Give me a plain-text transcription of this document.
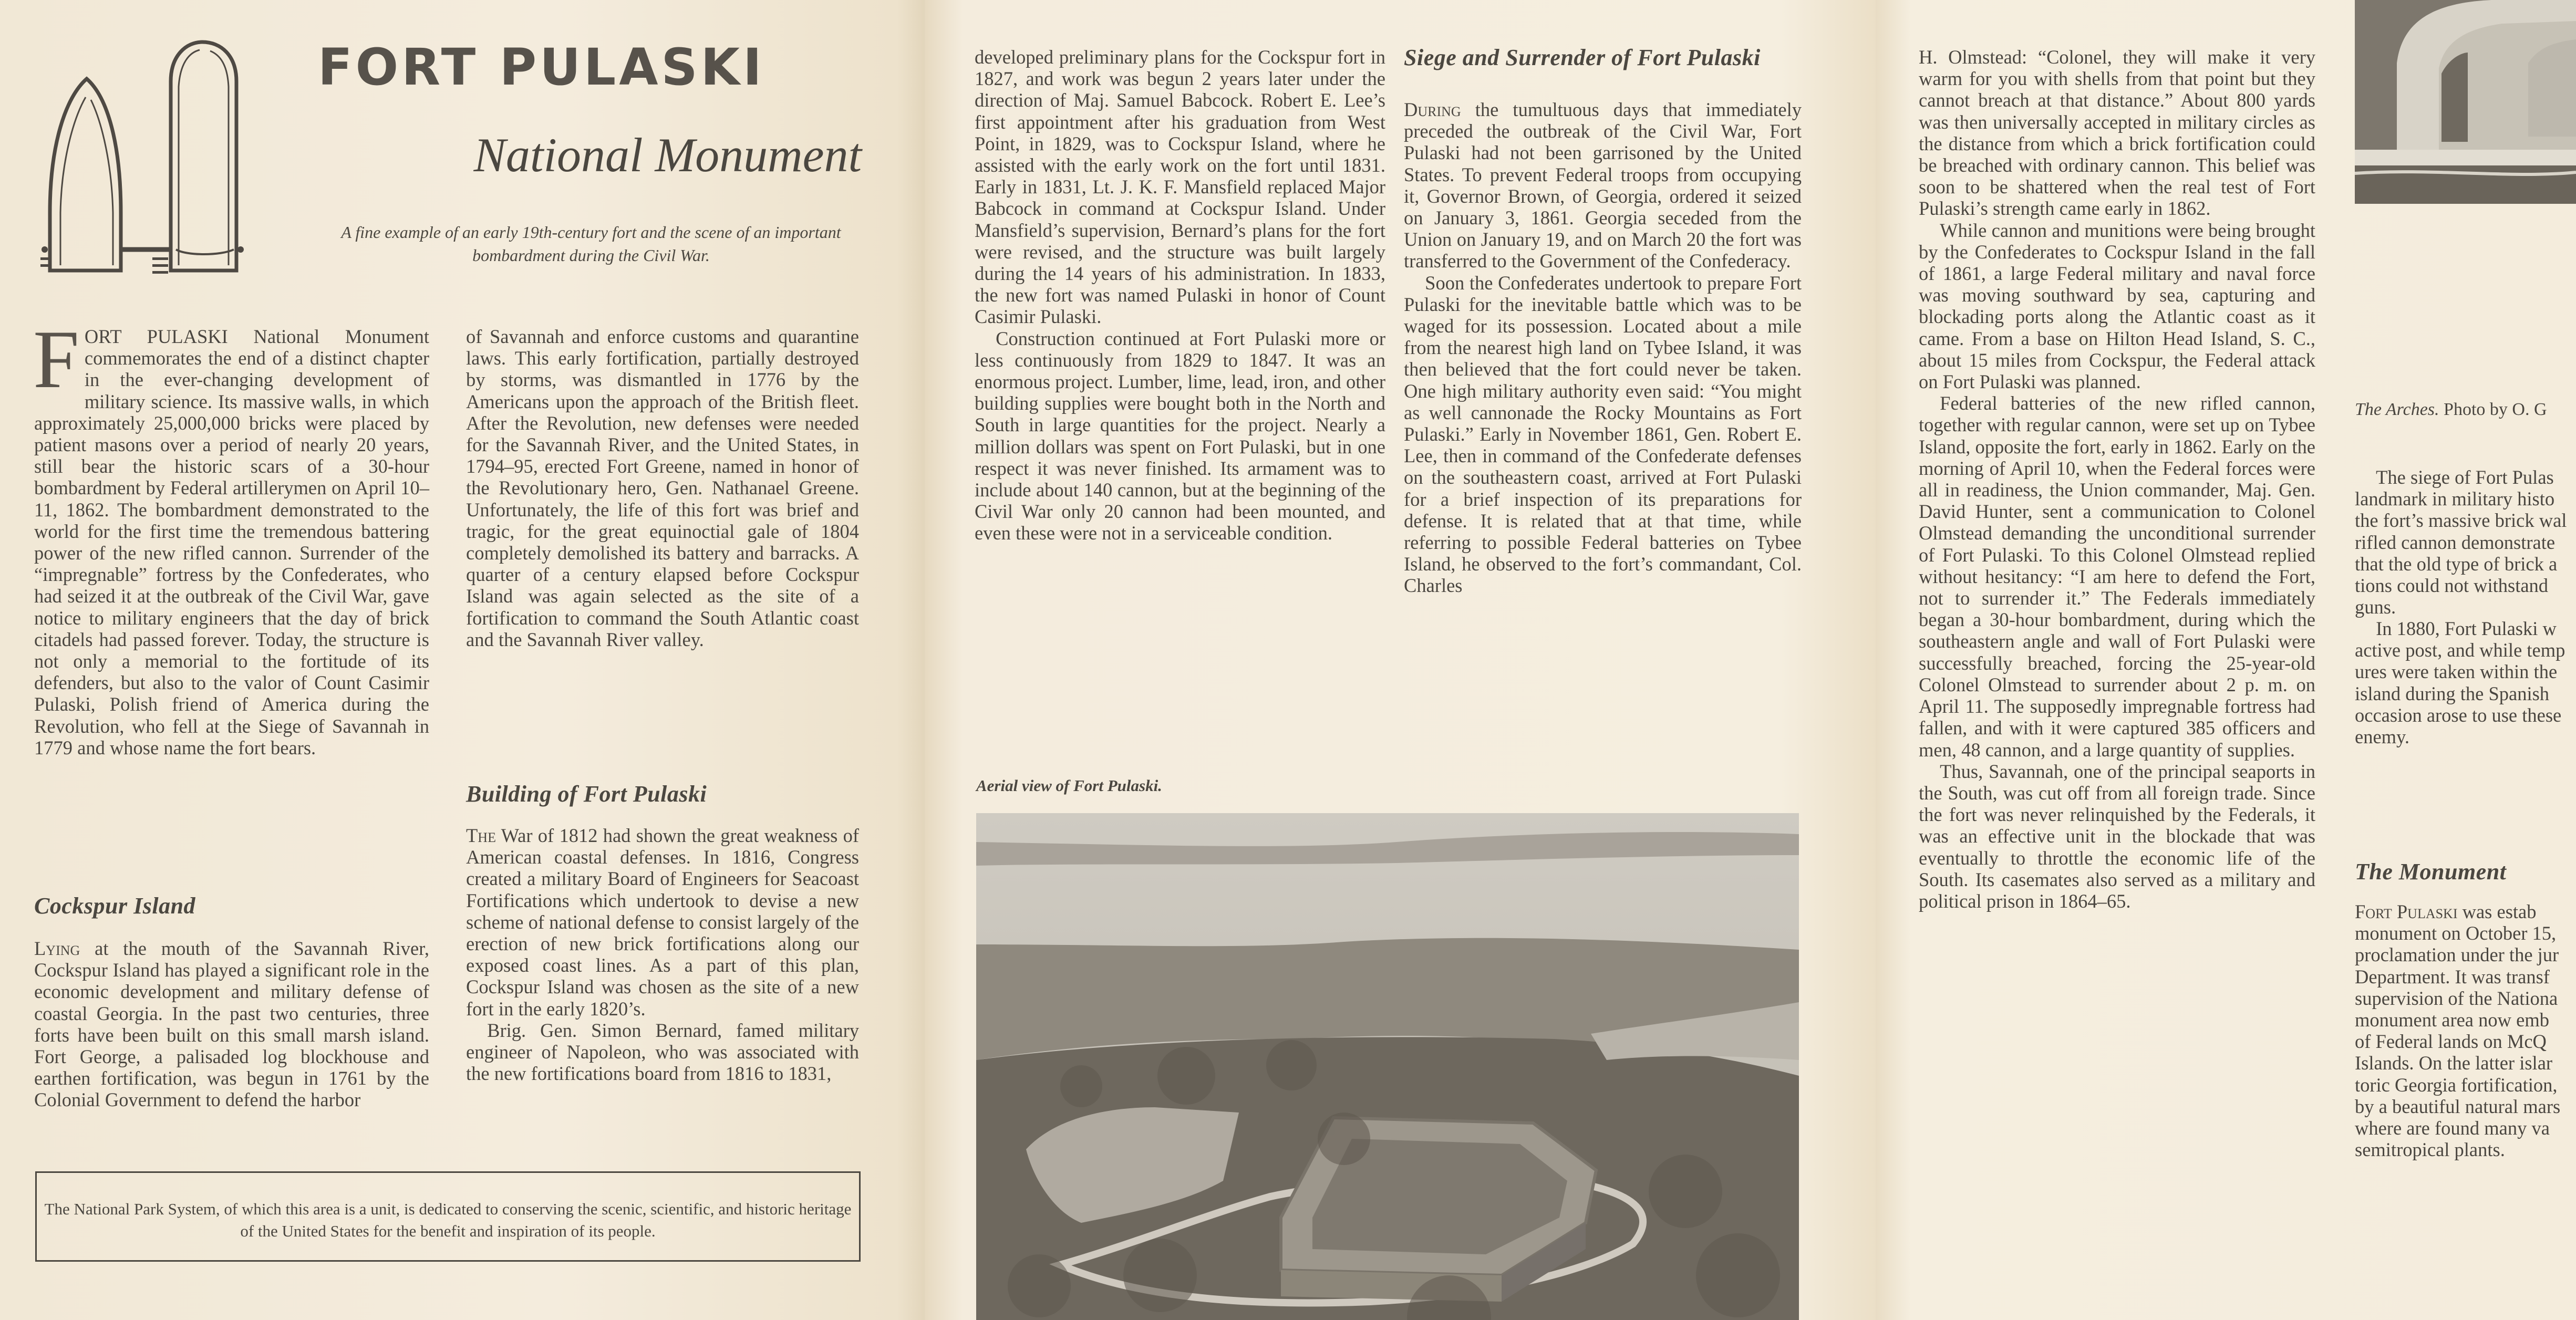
FORT PULASKI
National Monument
A fine example of an early 19th-century fort and the scene of an important bombardment during the Civil War.

FORT PULASKI National Monument commemorates the end of a distinct chapter in the ever-changing development of military science. Its massive walls, in which approximately 25,000,000 bricks were placed by patient masons over a period of nearly 20 years, still bear the historic scars of a 30-hour bombardment by Federal artillerymen on April 10–11, 1862. The bombardment demonstrated to the world for the first time the tremendous battering power of the new rifled cannon. Surrender of the “impregnable” fortress by the Confederates, who had seized it at the outbreak of the Civil War, gave notice to military engineers that the day of brick citadels had passed forever. Today, the structure is not only a memorial to the fortitude of its defenders, but also to the valor of Count Casimir Pulaski, Polish friend of America during the Revolution, who fell at the Siege of Savannah in 1779 and whose name the fort bears.

Cockspur Island

Lying at the mouth of the Savannah River, Cockspur Island has played a significant role in the economic development and military defense of coastal Georgia. In the past two centuries, three forts have been built on this small marsh island. Fort George, a palisaded log blockhouse and earthen fortification, was begun in 1761 by the Colonial Government to defend the harbor

of Savannah and enforce customs and quarantine laws. This early fortification, partially destroyed by storms, was dismantled in 1776 by the Americans upon the approach of the British fleet. After the Revolution, new defenses were needed for the Savannah River, and the United States, in 1794–95, erected Fort Greene, named in honor of the Revolutionary hero, Gen. Nathanael Greene. Unfortunately, the life of this fort was brief and tragic, for the great equinoctial gale of 1804 completely demolished its battery and barracks. A quarter of a century elapsed before Cockspur Island was again selected as the site of a fortification to command the South Atlantic coast and the Savannah River valley.

Building of Fort Pulaski

The War of 1812 had shown the great weakness of American coastal defenses. In 1816, Congress created a military Board of Engineers for Seacoast Fortifications which undertook to devise a new scheme of national defense to consist largely of the erection of new brick fortifications along our exposed coast lines. As a part of this plan, Cockspur Island was chosen as the site of a new fort in the early 1820’s.

Brig. Gen. Simon Bernard, famed military engineer of Napoleon, who was associated with the new fortifications board from 1816 to 1831,

The National Park System, of which this area is a unit, is dedicated to conserving the scenic, scientific, and historic heritage of the United States for the benefit and inspiration of its people.

developed preliminary plans for the Cockspur fort in 1827, and work was begun 2 years later under the direction of Maj. Samuel Babcock. Robert E. Lee’s first appointment after his graduation from West Point, in 1829, was to Cockspur Island, where he assisted with the early work on the fort until 1831. Early in 1831, Lt. J. K. F. Mansfield replaced Major Babcock in command at Cockspur Island. Under Mansfield’s supervision, Bernard’s plans for the fort were revised, and the structure was built largely during the 14 years of his administration. In 1833, the new fort was named Pulaski in honor of Count Casimir Pulaski.

Construction continued at Fort Pulaski more or less continuously from 1829 to 1847. It was an enormous project. Lumber, lime, lead, iron, and other building supplies were bought both in the North and South in large quantities for the project. Nearly a million dollars was spent on Fort Pulaski, but in one respect it was never finished. Its armament was to include about 140 cannon, but at the beginning of the Civil War only 20 cannon had been mounted, and even these were not in a serviceable condition.

Siege and Surrender of Fort Pulaski

During the tumultuous days that immediately preceded the outbreak of the Civil War, Fort Pulaski had not been garrisoned by the United States. To prevent Federal troops from occupying it, Governor Brown, of Georgia, ordered it seized on January 3, 1861. Georgia seceded from the Union on January 19, and on March 20 the fort was transferred to the Government of the Confederacy.

Soon the Confederates undertook to prepare Fort Pulaski for the inevitable battle which was to be waged for its possession. Located about a mile from the nearest high land on Tybee Island, it was then believed that the fort could never be taken. One high military authority even said: “You might as well cannonade the Rocky Mountains as Fort Pulaski.” Early in November 1861, Gen. Robert E. Lee, then in command of the Confederate defenses on the southeastern coast, arrived at Fort Pulaski for a brief inspection of its preparations for defense. It is related that at that time, while referring to possible Federal batteries on Tybee Island, he observed to the fort’s commandant, Col. Charles

Aerial view of Fort Pulaski.

H. Olmstead: “Colonel, they will make it very warm for you with shells from that point but they cannot breach at that distance.” About 800 yards was then universally accepted in military circles as the distance from which a brick fortification could be breached with ordinary cannon. This belief was soon to be shattered when the real test of Fort Pulaski’s strength came early in 1862.

While cannon and munitions were being brought by the Confederates to Cockspur Island in the fall of 1861, a large Federal military and naval force was moving southward by sea, capturing and blockading ports along the Atlantic coast as it came. From a base on Hilton Head Island, S. C., about 15 miles from Cockspur, the Federal attack on Fort Pulaski was planned.

Federal batteries of the new rifled cannon, together with regular cannon, were set up on Tybee Island, opposite the fort, early in 1862. Early on the morning of April 10, when the Federal forces were all in readiness, the Union commander, Maj. Gen. David Hunter, sent a communication to Colonel Olmstead demanding the unconditional surrender of Fort Pulaski. To this Colonel Olmstead replied without hesitancy: “I am here to defend the Fort, not to surrender it.” The Federals immediately began a 30-hour bombardment, during which the southeastern angle and wall of Fort Pulaski were successfully breached, forcing the 25-year-old Colonel Olmstead to surrender about 2 p. m. on April 11. The supposedly impregnable fortress had fallen, and with it were captured 385 officers and men, 48 cannon, and a large quantity of supplies.

Thus, Savannah, one of the principal seaports in the South, was cut off from all foreign trade. Since the fort was never relinquished by the Federals, it was an effective unit in the blockade that was eventually to throttle the economic life of the South. Its casemates also served as a military and political prison in 1864–65.

The Arches. Photo by O. G
The siege of Fort Pulas
landmark in military histo
the fort’s massive brick wal
rifled cannon demonstrate
that the old type of brick a
tions could not withstand
guns.
In 1880, Fort Pulaski w
active post, and while temp
ures were taken within the
island during the Spanish
occasion arose to use these
enemy.
The Monument
Fort Pulaski was estab
monument on October 15,
proclamation under the jur
Department. It was transf
supervision of the Nationa
monument area now emb
of Federal lands on McQ
Islands. On the latter islar
toric Georgia fortification,
by a beautiful natural mars
where are found many va
semitropical plants.
